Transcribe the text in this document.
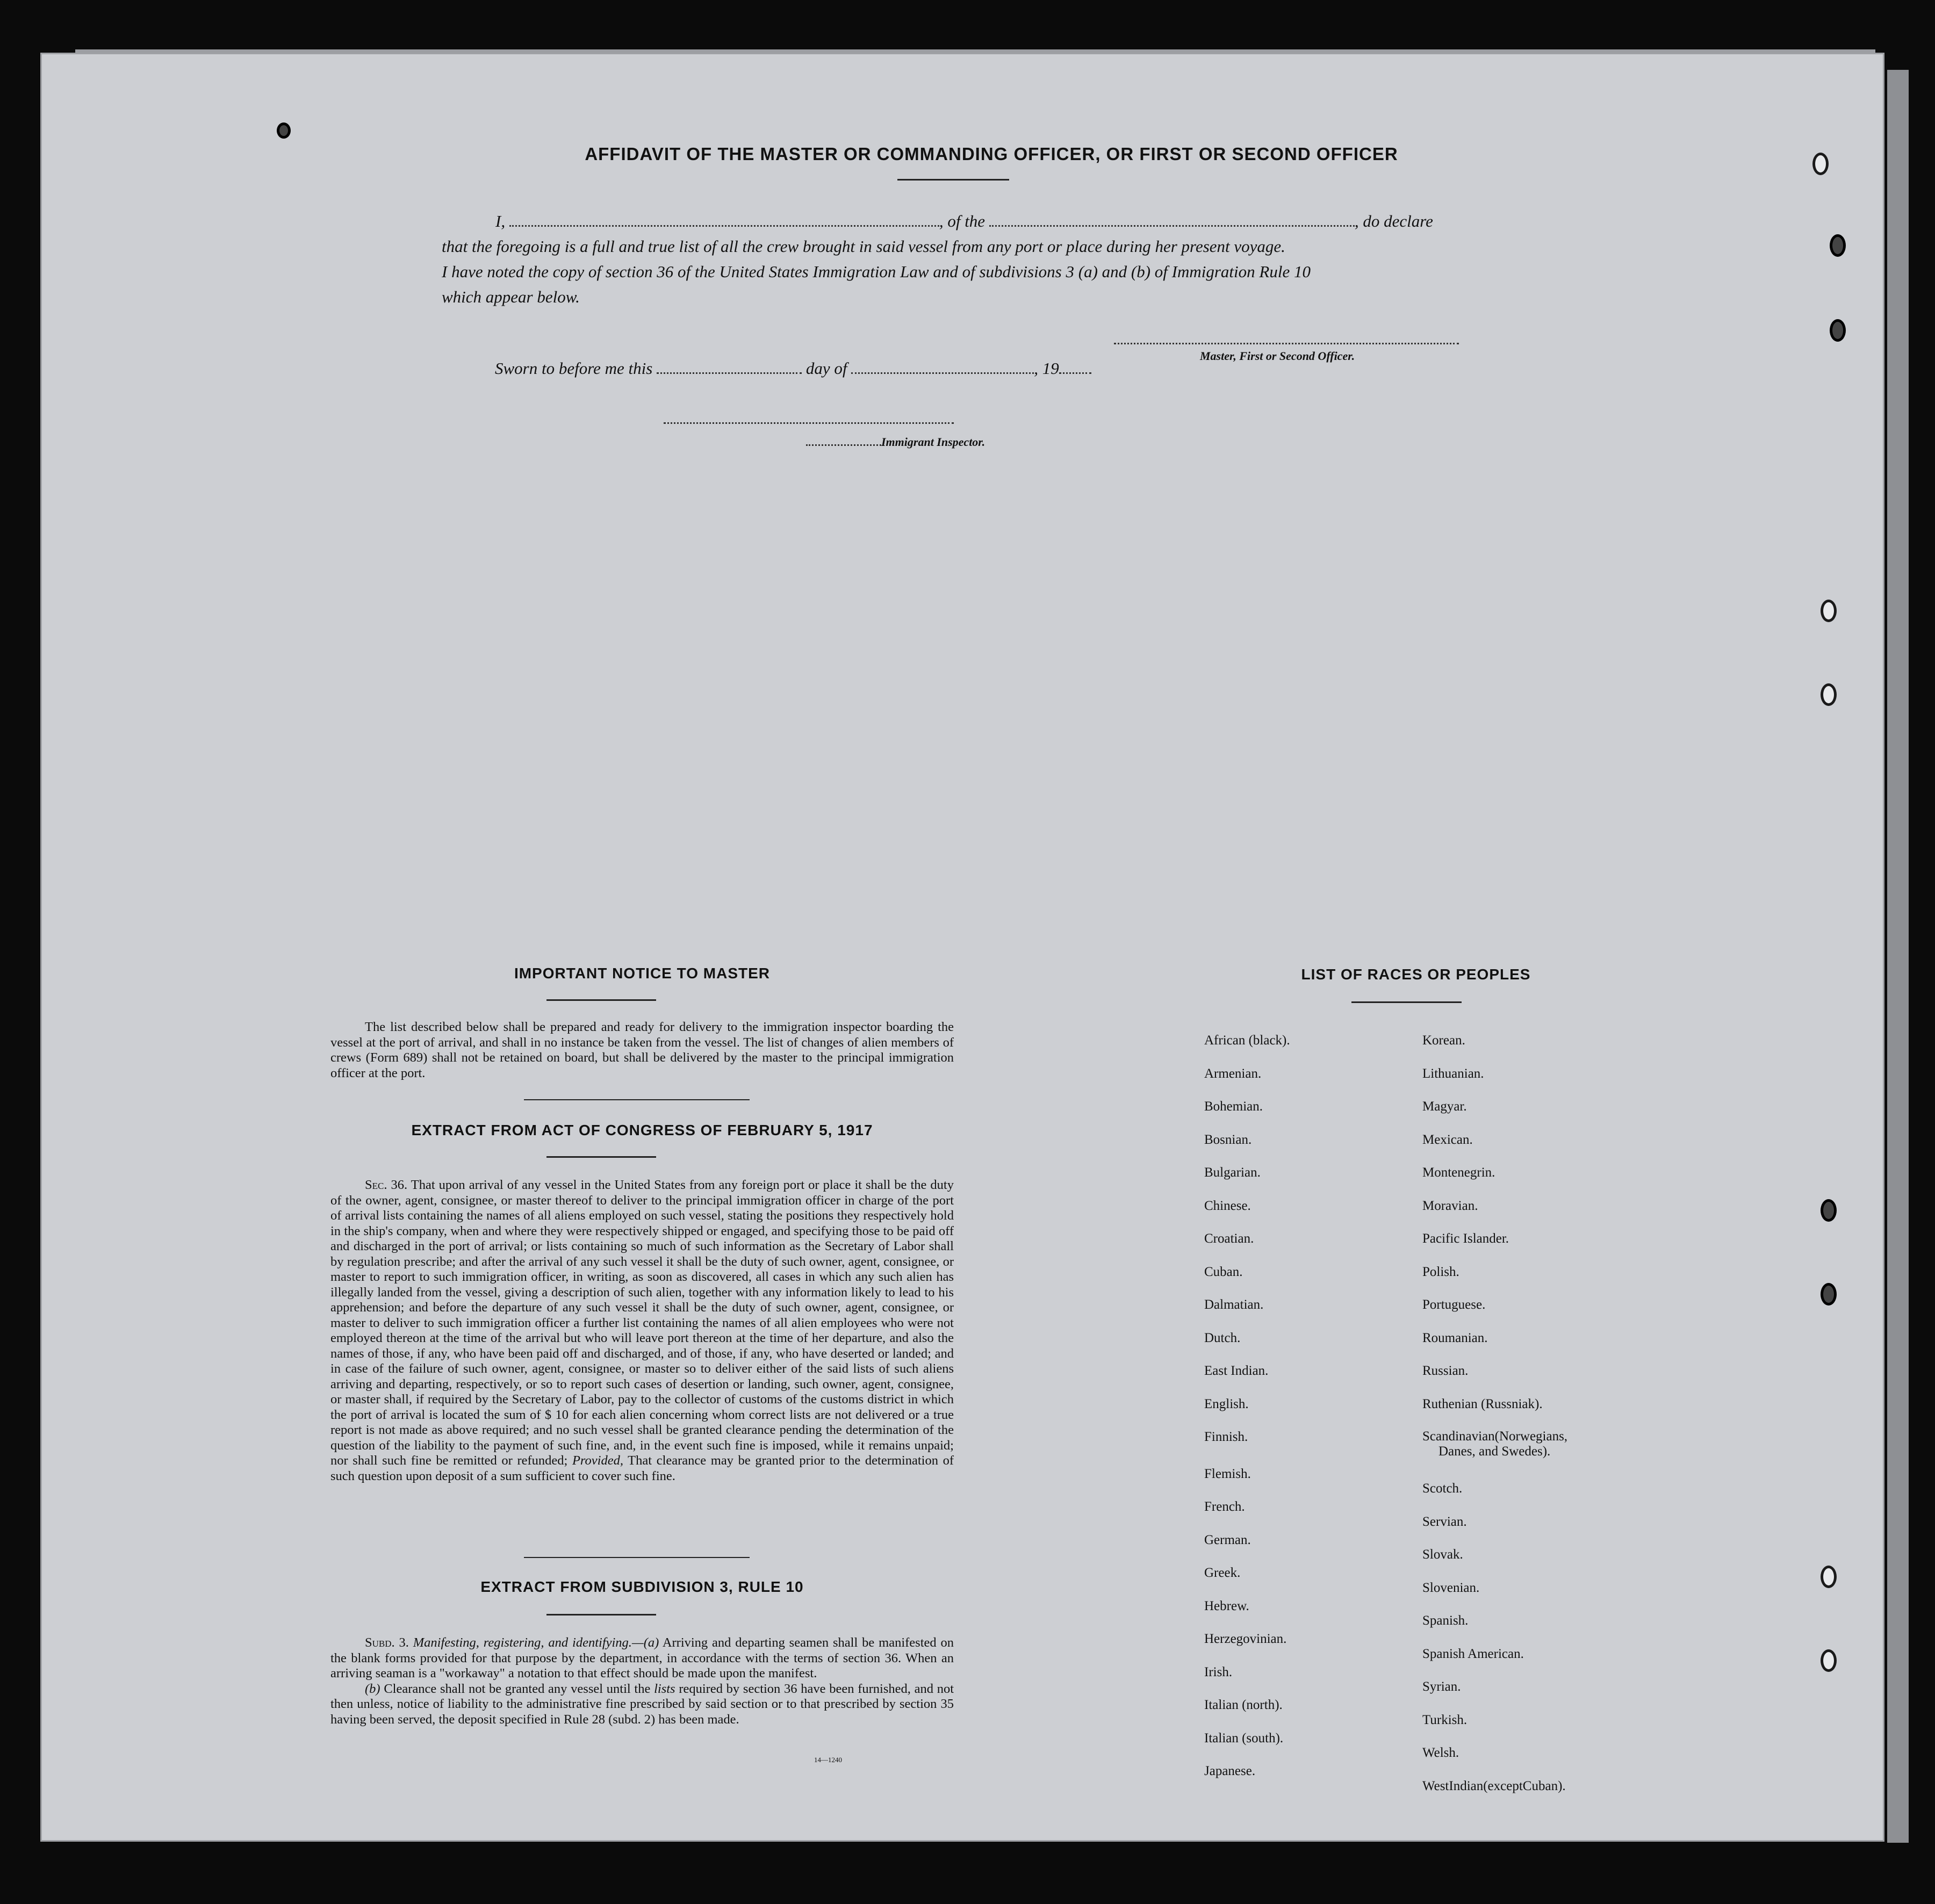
AFFIDAVIT OF THE MASTER OR COMMANDING OFFICER, OR FIRST OR SECOND OFFICER
I,	, of the	, do declare
that the foregoing is a full and true list of all the crew brought in said vessel from any port or place during her present voyage.
I have noted the copy of section 36 of the United States Immigration Law and of subdivisions 3 (a) and (b) of Immigration Rule 10
which appear below.
Master, First or Second Officer.
Sworn to before me this	day of	, 19
Immigrant Inspector.
IMPORTANT NOTICE TO MASTER

The list described below shall be prepared and ready for delivery to the immigration inspector boarding the vessel at the port of arrival, and shall in no instance be taken from the vessel. The list of changes of alien members of crews (Form 689) shall not be retained on board, but shall be delivered by the master to the principal immigration officer at the port.

EXTRACT FROM ACT OF CONGRESS OF FEBRUARY 5, 1917

Sec. 36. That upon arrival of any vessel in the United States from any foreign port or place it shall be the duty of the owner, agent, consignee, or master thereof to deliver to the principal immigration officer in charge of the port of arrival lists containing the names of all aliens employed on such vessel, stating the positions they respectively hold in the ship's company, when and where they were respectively shipped or engaged, and specifying those to be paid off and discharged in the port of arrival; or lists containing so much of such information as the Secretary of Labor shall by regulation prescribe; and after the arrival of any such vessel it shall be the duty of such owner, agent, consignee, or master to report to such immigration officer, in writing, as soon as discovered, all cases in which any such alien has illegally landed from the vessel, giving a description of such alien, together with any information likely to lead to his apprehension; and before the departure of any such vessel it shall be the duty of such owner, agent, consignee, or master to deliver to such immigration officer a further list containing the names of all alien employees who were not employed thereon at the time of the arrival but who will leave port thereon at the time of her departure, and also the names of those, if any, who have been paid off and discharged, and of those, if any, who have deserted or landed; and in case of the failure of such owner, agent, consignee, or master so to deliver either of the said lists of such aliens arriving and departing, respectively, or so to report such cases of desertion or landing, such owner, agent, consignee, or master shall, if required by the Secretary of Labor, pay to the collector of customs of the customs district in which the port of arrival is located the sum of $ 10 for each alien concerning whom correct lists are not delivered or a true report is not made as above required; and no such vessel shall be granted clearance pending the determination of the question of the liability to the payment of such fine, and, in the event such fine is imposed, while it remains unpaid; nor shall such fine be remitted or refunded; Provided, That clearance may be granted prior to the determination of such question upon deposit of a sum sufficient to cover such fine.

EXTRACT FROM SUBDIVISION 3, RULE 10

Subd. 3. Manifesting, registering, and identifying.—(a) Arriving and departing seamen shall be manifested on the blank forms provided for that purpose by the department, in accordance with the terms of section 36. When an arriving seaman is a "workaway" a notation to that effect should be made upon the manifest.

(b) Clearance shall not be granted any vessel until the lists required by section 36 have been furnished, and not then unless, notice of liability to the administrative fine prescribed by said section or to that prescribed by section 35 having been served, the deposit specified in Rule 28 (subd. 2) has been made.

14—1240
LIST OF RACES OR PEOPLES
African (black).
Armenian.
Bohemian.
Bosnian.
Bulgarian.
Chinese.
Croatian.
Cuban.
Dalmatian.
Dutch.
East Indian.
English.
Finnish.
Flemish.
French.
German.
Greek.
Hebrew.
Herzegovinian.
Irish.
Italian (north).
Italian (south).
Japanese.
Korean.
Lithuanian.
Magyar.
Mexican.
Montenegrin.
Moravian.
Pacific Islander.
Polish.
Portuguese.
Roumanian.
Russian.
Ruthenian (Russniak).
Scandinavian(Norwegians,
Danes, and Swedes).
Scotch.
Servian.
Slovak.
Slovenian.
Spanish.
Spanish American.
Syrian.
Turkish.
Welsh.
WestIndian(exceptCuban).
